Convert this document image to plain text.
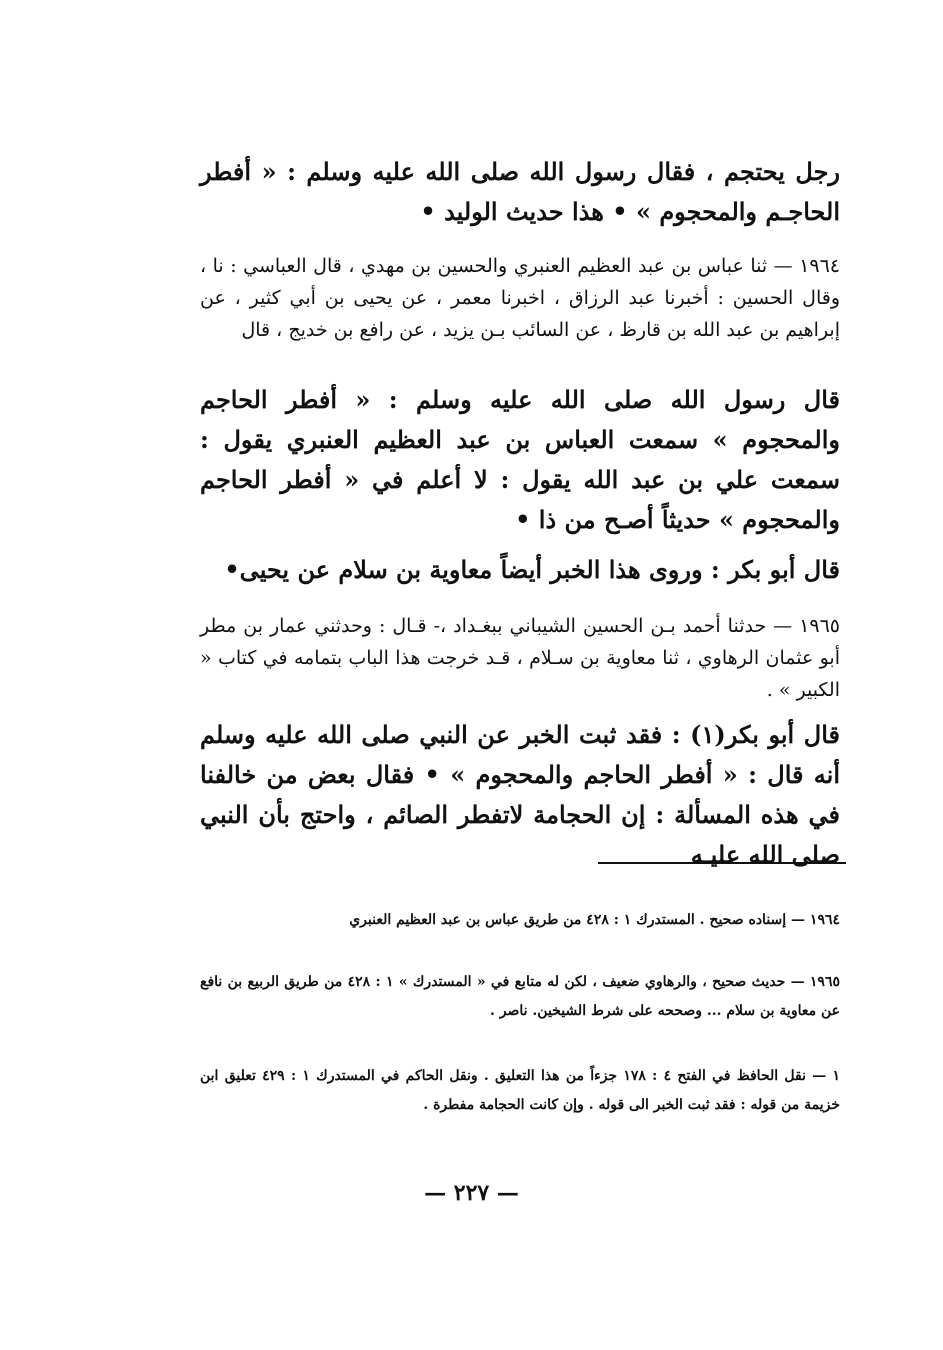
رجل يحتجم ، فقال رسول الله صلى الله عليه وسلم : « أفطر الحاجـم والمحجوم » • هذا حديث الوليد •

١٩٦٤ — ثنا عباس بن عبد العظيم العنبري والحسين بن مهدي ، قال العباسي : نا ، وقال الحسين : أخبرنا عبد الرزاق ، اخبرنا معمر ، عن يحيى بن أبي كثير ، عن إبراهيم بن عبد الله بن قارظ ، عن السائب بـن يزيد ، عن رافع بن خديج ، قال

قال رسول الله صلى الله عليه وسلم : « أفطر الحاجم والمحجوم » سمعت العباس بن عبد العظيم العنبري يقول : سمعت علي بن عبد الله يقول : لا أعلم في « أفطر الحاجم والمحجوم » حديثاً أصـح من ذا •

قال أبو بكر : وروى هذا الخبر أيضاً معاوية بن سلام عن يحيى•

١٩٦٥ — حدثنا أحمد بـن الحسين الشيباني ببغـداد ،- قـال : وحدثني عمار بن مطر أبو عثمان الرهاوي ، ثنا معاوية بن سـلام ، قـد خرجت هذا الباب بتمامه في كتاب « الكبير » .

قال أبو بكر(١) : فقد ثبت الخبر عن النبي صلى الله عليه وسلم أنه قال : « أفطر الحاجم والمحجوم » • فقال بعض من خالفنا في هذه المسألة : إن الحجامة لاتفطر الصائم ، واحتج بأن النبي صلى الله عليـه

١٩٦٤ — إسناده صحيح . المستدرك ١ : ٤٢٨ من طريق عباس بن عبد العظيم العنبري

١٩٦٥ — حديث صحيح ، والرهاوي ضعيف ، لكن له متابع في « المستدرك » ١ : ٤٢٨ من طريق الربيع بن نافع عن معاوية بن سلام ... وصححه على شرط الشيخين. ناصر .

١ — نقل الحافظ في الفتح ٤ : ١٧٨ جزءاً من هذا التعليق . ونقل الحاكم في المستدرك ١ : ٤٢٩ تعليق ابن خزيمة من قوله : فقد ثبت الخبر الى قوله . وإن كانت الحجامة مفطرة .

— ٢٢٧ —
